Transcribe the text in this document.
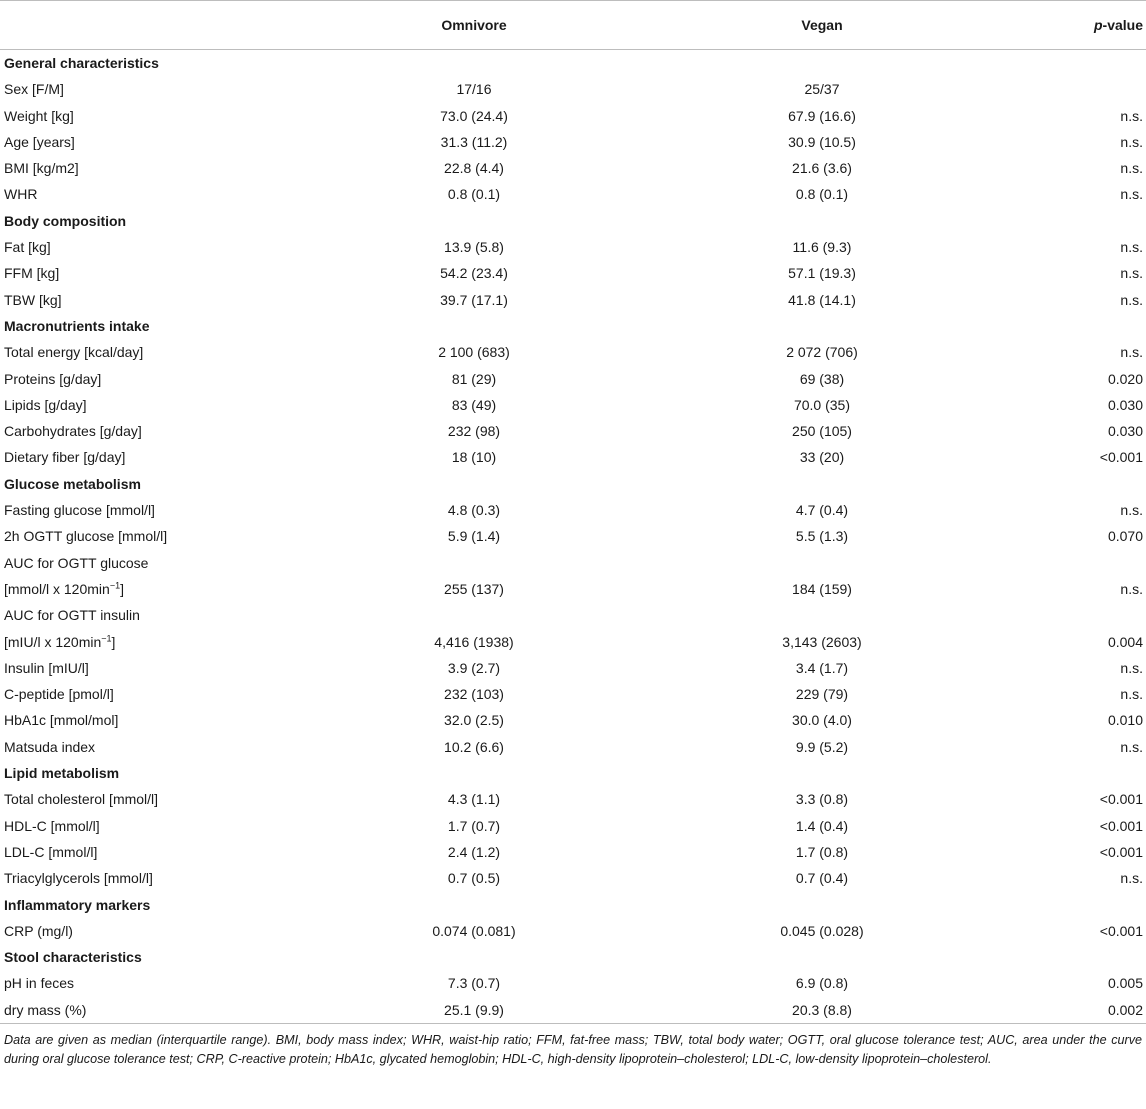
	Omnivore	Vegan	p-value
General characteristics			
Sex [F/M]	17/16	25/37	
Weight [kg]	73.0 (24.4)	67.9 (16.6)	n.s.
Age [years]	31.3 (11.2)	30.9 (10.5)	n.s.
BMI [kg/m2]	22.8 (4.4)	21.6 (3.6)	n.s.
WHR	0.8 (0.1)	0.8 (0.1)	n.s.
Body composition			
Fat [kg]	13.9 (5.8)	11.6 (9.3)	n.s.
FFM [kg]	54.2 (23.4)	57.1 (19.3)	n.s.
TBW [kg]	39.7 (17.1)	41.8 (14.1)	n.s.
Macronutrients intake			
Total energy [kcal/day]	2 100 (683)	2 072 (706)	n.s.
Proteins [g/day]	81 (29)	69 (38)	0.020
Lipids [g/day]	83 (49)	70.0 (35)	0.030
Carbohydrates [g/day]	232 (98)	250 (105)	0.030
Dietary fiber [g/day]	18 (10)	33 (20)	<0.001
Glucose metabolism			
Fasting glucose [mmol/l]	4.8 (0.3)	4.7 (0.4)	n.s.
2h OGTT glucose [mmol/l]	5.9 (1.4)	5.5 (1.3)	0.070
AUC for OGTT glucose			
[mmol/l x $120\min^{-1}$]	255 (137)	184 (159)	n.s.
AUC for OGTT insulin			
[mIU/l x $120\min^{-1}$]	4,416 (1938)	3,143 (2603)	0.004
Insulin [mIU/l]	3.9 (2.7)	3.4 (1.7)	n.s.
C-peptide [pmol/l]	232 (103)	229 (79)	n.s.
HbA1c [mmol/mol]	32.0 (2.5)	30.0 (4.0)	0.010
Matsuda index	10.2 (6.6)	9.9 (5.2)	n.s.
Lipid metabolism			
Total cholesterol [mmol/l]	4.3 (1.1)	3.3 (0.8)	<0.001
HDL-C [mmol/l]	1.7 (0.7)	1.4 (0.4)	<0.001
LDL-C [mmol/l]	2.4 (1.2)	1.7 (0.8)	<0.001
Triacylglycerols [mmol/l]	0.7 (0.5)	0.7 (0.4)	n.s.
Inflammatory markers			
CRP (mg/l)	0.074 (0.081)	0.045 (0.028)	<0.001
Stool characteristics			
pH in feces	7.3 (0.7)	6.9 (0.8)	0.005
dry mass (%)	25.1 (9.9)	20.3 (8.8)	0.002
Data are given as median (interquartile range). BMI, body mass index; WHR, waist-hip ratio; FFM, fat-free mass; TBW, total body water; OGTT, oral glucose tolerance test; AUC, area under the curve during oral glucose tolerance test; CRP, C-reactive protein; HbA1c, glycated hemoglobin; HDL-C, high-density lipoprotein–cholesterol; LDL-C, low-density lipoprotein–cholesterol.
